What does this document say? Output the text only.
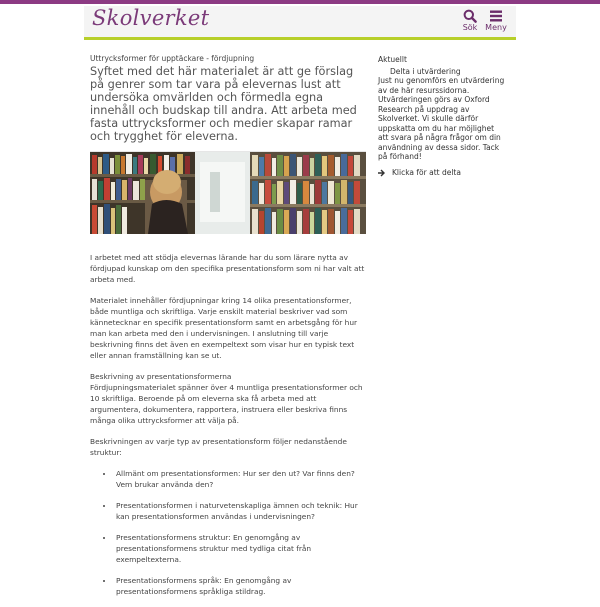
Skolverket	Sök Meny
Uttrycksformer för upptäckare - fördjupning

Syftet med det här materialet är att ge förslag på genrer som tar vara på elevernas lust att undersöka omvärlden och förmedla egna innehåll och budskap till andra. Att arbeta med fasta uttrycksformer och medier skapar ramar och trygghet för eleverna.

I arbetet med att stödja elevernas lärande har du som lärare nytta av fördjupad kunskap om den specifika presentationsform som ni har valt att arbeta med.

Materialet innehåller fördjupningar kring 14 olika presentationsformer, både muntliga och skriftliga. Varje enskilt material beskriver vad som kännetecknar en specifik presentationsform samt en arbetsgång för hur man kan arbeta med den i undervisningen. I anslutning till varje beskrivning finns det även en exempeltext som visar hur en typisk text eller annan framställning kan se ut.

Beskrivning av presentationsformerna
Fördjupningsmaterialet spänner över 4 muntliga presentationsformer och 10 skriftliga. Beroende på om eleverna ska få arbeta med att argumentera, dokumentera, rapportera, instruera eller beskriva finns många olika uttrycksformer att välja på.

Beskrivningen av varje typ av presentationsform följer nedanstående struktur:

• Allmänt om presentationsformen: Hur ser den ut? Var finns den? Vem brukar använda den?
• Presentationsformen i naturvetenskapliga ämnen och teknik: Hur kan presentationsformen användas i undervisningen?
• Presentationsformens struktur: En genomgång av presentationsformens struktur med tydliga citat från exempeltexterna.
• Presentationsformens språk: En genomgång av presentationsformens språkliga stildrag.
Aktuellt
Delta i utvärdering
Just nu genomförs en utvärdering av de här resurssidorna. Utvärderingen görs av Oxford Research på uppdrag av Skolverket. Vi skulle därför uppskatta om du har möjlighet att svara på några frågor om din användning av dessa sidor. Tack på förhand!
Klicka för att delta
